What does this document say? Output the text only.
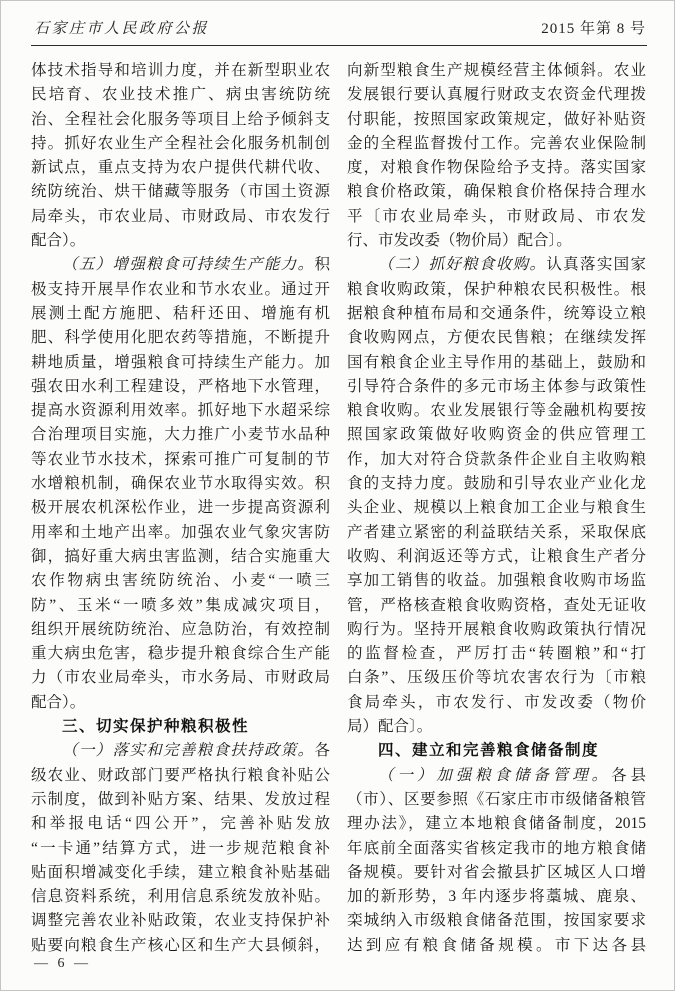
石家庄市人民政府公报	2015 年第 8 号
体技术指导和培训力度，并在新型职业农
民培育、农业技术推广、病虫害统防统
治、全程社会化服务等项目上给予倾斜支
持。抓好农业生产全程社会化服务机制创
新试点，重点支持为农户提供代耕代收、
统防统治、烘干储藏等服务（市国土资源
局牵头，市农业局、市财政局、市农发行
配合）。
（五）增强粮食可持续生产能力。积
极支持开展旱作农业和节水农业。通过开
展测土配方施肥、秸秆还田、增施有机
肥、科学使用化肥农药等措施，不断提升
耕地质量，增强粮食可持续生产能力。加
强农田水利工程建设，严格地下水管理，
提高水资源利用效率。抓好地下水超采综
合治理项目实施，大力推广小麦节水品种
等农业节水技术，探索可推广可复制的节
水增粮机制，确保农业节水取得实效。积
极开展农机深松作业，进一步提高资源利
用率和土地产出率。加强农业气象灾害防
御，搞好重大病虫害监测，结合实施重大
农作物病虫害统防统治、小麦“一喷三
防”、玉米“一喷多效”集成减灾项目，
组织开展统防统治、应急防治，有效控制
重大病虫危害，稳步提升粮食综合生产能
力（市农业局牵头，市水务局、市财政局
配合）。
三、切实保护种粮积极性
（一）落实和完善粮食扶持政策。各
级农业、财政部门要严格执行粮食补贴公
示制度，做到补贴方案、结果、发放过程
和举报电话“四公开”，完善补贴发放
“一卡通”结算方式，进一步规范粮食补
贴面积增减变化手续，建立粮食补贴基础
信息资料系统，利用信息系统发放补贴。
调整完善农业补贴政策，农业支持保护补
贴要向粮食生产核心区和生产大县倾斜，
向新型粮食生产规模经营主体倾斜。农业
发展银行要认真履行财政支农资金代理拨
付职能，按照国家政策规定，做好补贴资
金的全程监督拨付工作。完善农业保险制
度，对粮食作物保险给予支持。落实国家
粮食价格政策，确保粮食价格保持合理水
平〔市农业局牵头，市财政局、市农发
行、市发改委（物价局）配合〕。
（二）抓好粮食收购。认真落实国家
粮食收购政策，保护种粮农民积极性。根
据粮食种植布局和交通条件，统筹设立粮
食收购网点，方便农民售粮；在继续发挥
国有粮食企业主导作用的基础上，鼓励和
引导符合条件的多元市场主体参与政策性
粮食收购。农业发展银行等金融机构要按
照国家政策做好收购资金的供应管理工
作，加大对符合贷款条件企业自主收购粮
食的支持力度。鼓励和引导农业产业化龙
头企业、规模以上粮食加工企业与粮食生
产者建立紧密的利益联结关系，采取保底
收购、利润返还等方式，让粮食生产者分
享加工销售的收益。加强粮食收购市场监
管，严格核查粮食收购资格，查处无证收
购行为。坚持开展粮食收购政策执行情况
的监督检查，严厉打击“转圈粮”和“打
白条”、压级压价等坑农害农行为〔市粮
食局牵头，市农发行、市发改委（物价
局）配合〕。
四、建立和完善粮食储备制度
（一）加强粮食储备管理。各县
（市）、区要参照《石家庄市市级储备粮管
理办法》，建立本地粮食储备制度，2015
年底前全面落实省核定我市的地方粮食储
备规模。要针对省会撤县扩区城区人口增
加的新形势，3 年内逐步将藁城、鹿泉、
栾城纳入市级粮食储备范围，按国家要求
达到应有粮食储备规模。市下达各县
— 6 —
